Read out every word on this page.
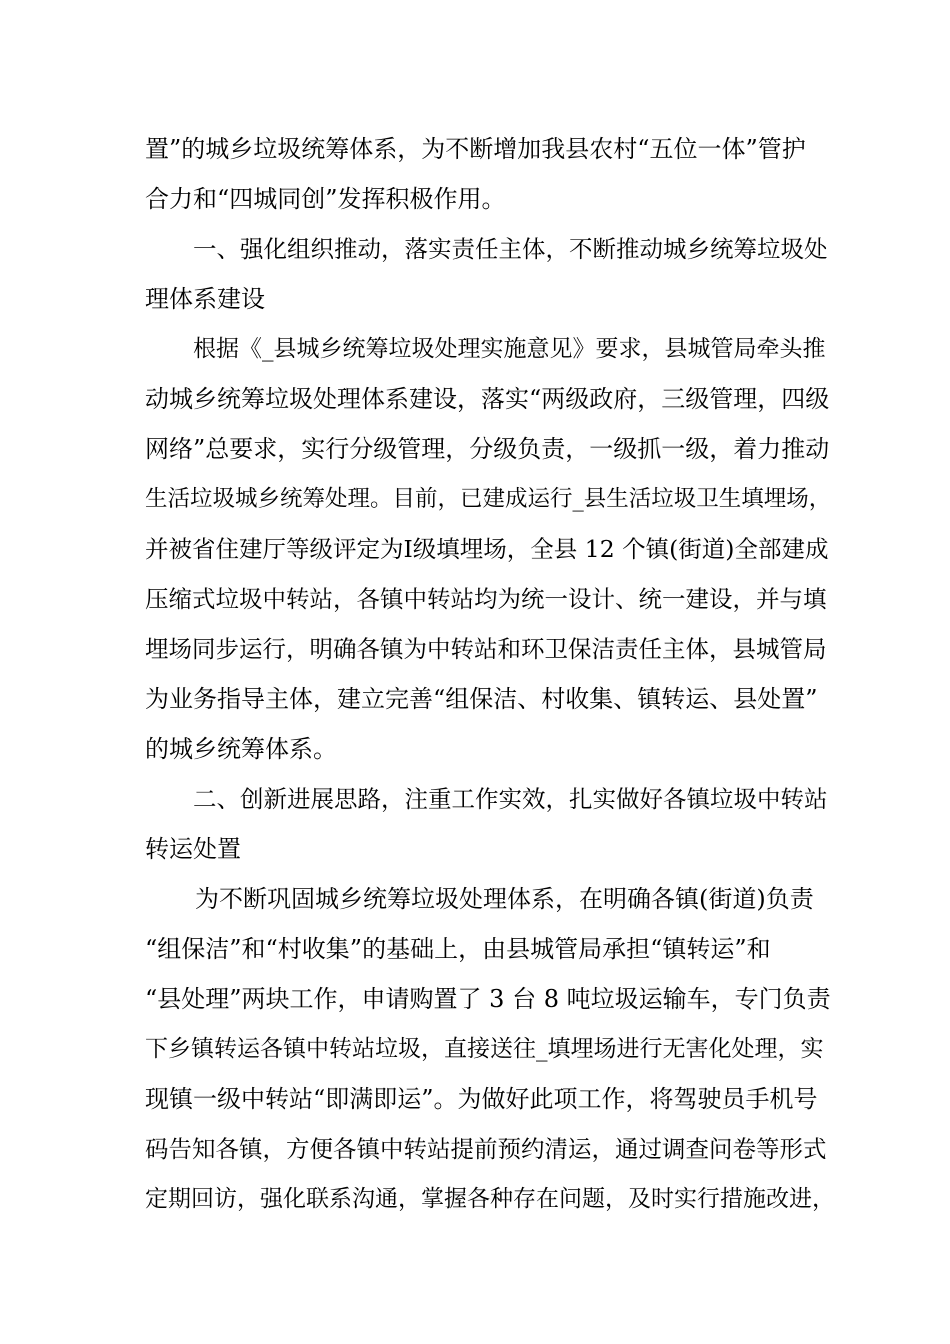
置”的城乡垃圾统筹体系，为不断增加我县农村“五位一体”管护
合力和“四城同创”发挥积极作用。
一、强化组织推动，落实责任主体，不断推动城乡统筹垃圾处
理体系建设
根据《_县城乡统筹垃圾处理实施意见》要求，县城管局牵头推
动城乡统筹垃圾处理体系建设，落实“两级政府，三级管理，四级
网络”总要求，实行分级管理，分级负责，一级抓一级，着力推动
生活垃圾城乡统筹处理。目前，已建成运行_县生活垃圾卫生填埋场，
并被省住建厅等级评定为Ⅰ级填埋场，全县 12 个镇(街道)全部建成
压缩式垃圾中转站，各镇中转站均为统一设计、统一建设，并与填
埋场同步运行，明确各镇为中转站和环卫保洁责任主体，县城管局
为业务指导主体，建立完善“组保洁、村收集、镇转运、县处置”
的城乡统筹体系。
二、创新进展思路，注重工作实效，扎实做好各镇垃圾中转站
转运处置
为不断巩固城乡统筹垃圾处理体系，在明确各镇(街道)负责
“组保洁”和“村收集”的基础上，由县城管局承担“镇转运”和
“县处理”两块工作，申请购置了 3 台 8 吨垃圾运输车，专门负责
下乡镇转运各镇中转站垃圾，直接送往_填埋场进行无害化处理，实
现镇一级中转站“即满即运”。为做好此项工作，将驾驶员手机号
码告知各镇，方便各镇中转站提前预约清运，通过调查问卷等形式
定期回访，强化联系沟通，掌握各种存在问题，及时实行措施改进，
